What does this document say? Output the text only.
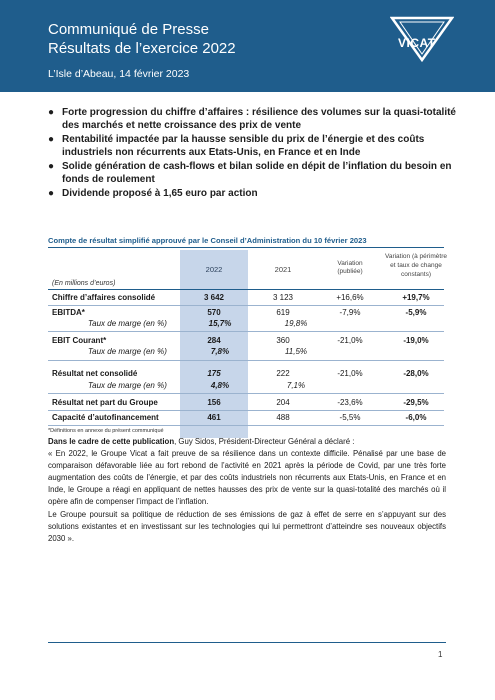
Communiqué de Presse
Résultats de l’exercice 2022
L’Isle d’Abeau, 14 février 2023
VICAT
● Forte progression du chiffre d’affaires : résilience des volumes sur la quasi-totalité des marchés et nette croissance des prix de vente
● Rentabilité impactée par la hausse sensible du prix de l’énergie et des coûts industriels non récurrents aux Etats-Unis, en France et en Inde
● Solide génération de cash-flows et bilan solide en dépit de l’inflation du besoin en fonds de roulement
● Dividende proposé à 1,65 euro par action
Compte de résultat simplifié approuvé par le Conseil d’Administration du 10 février 2023
2022	2021
Variation (publiée)
Variation (à périmètre et taux de change constants)
(En millions d’euros)
Chiffre d’affaires consolidé	3 642	3 123	+16,6%	+19,7%
EBITDA*	570	619	-7,9%	-5,9%
Taux de marge (en %)	15,7%	19,8%
EBIT Courant*	284	360	-21,0%	-19,0%
Taux de marge (en %)	7,8%	11,5%
Résultat net consolidé	175	222	-21,0%	-28,0%
Taux de marge (en %)	4,8%	7,1%
Résultat net part du Groupe	156	204	-23,6%	-29,5%
Capacité d’autofinancement	461	488	-5,5%	-6,0%
*Définitions en annexe du présent communiqué

Dans le cadre de cette publication, Guy Sidos, Président-Directeur Général a déclaré :

« En 2022, le Groupe Vicat a fait preuve de sa résilience dans un contexte difficile. Pénalisé par une base de comparaison défavorable liée au fort rebond de l’activité en 2021 après la période de Covid, par une très forte augmentation des coûts de l’énergie, et par des coûts industriels non récurrents aux Etats-Unis, en France et en Inde, le Groupe a réagi en appliquant de nettes hausses des prix de vente sur la quasi-totalité des marchés où il opère afin de compenser l’impact de l’inflation.

Le Groupe poursuit sa politique de réduction de ses émissions de gaz à effet de serre en s’appuyant sur des solutions existantes et en investissant sur les technologies qui lui permettront d’atteindre ses nouveaux objectifs 2030 ».

1
